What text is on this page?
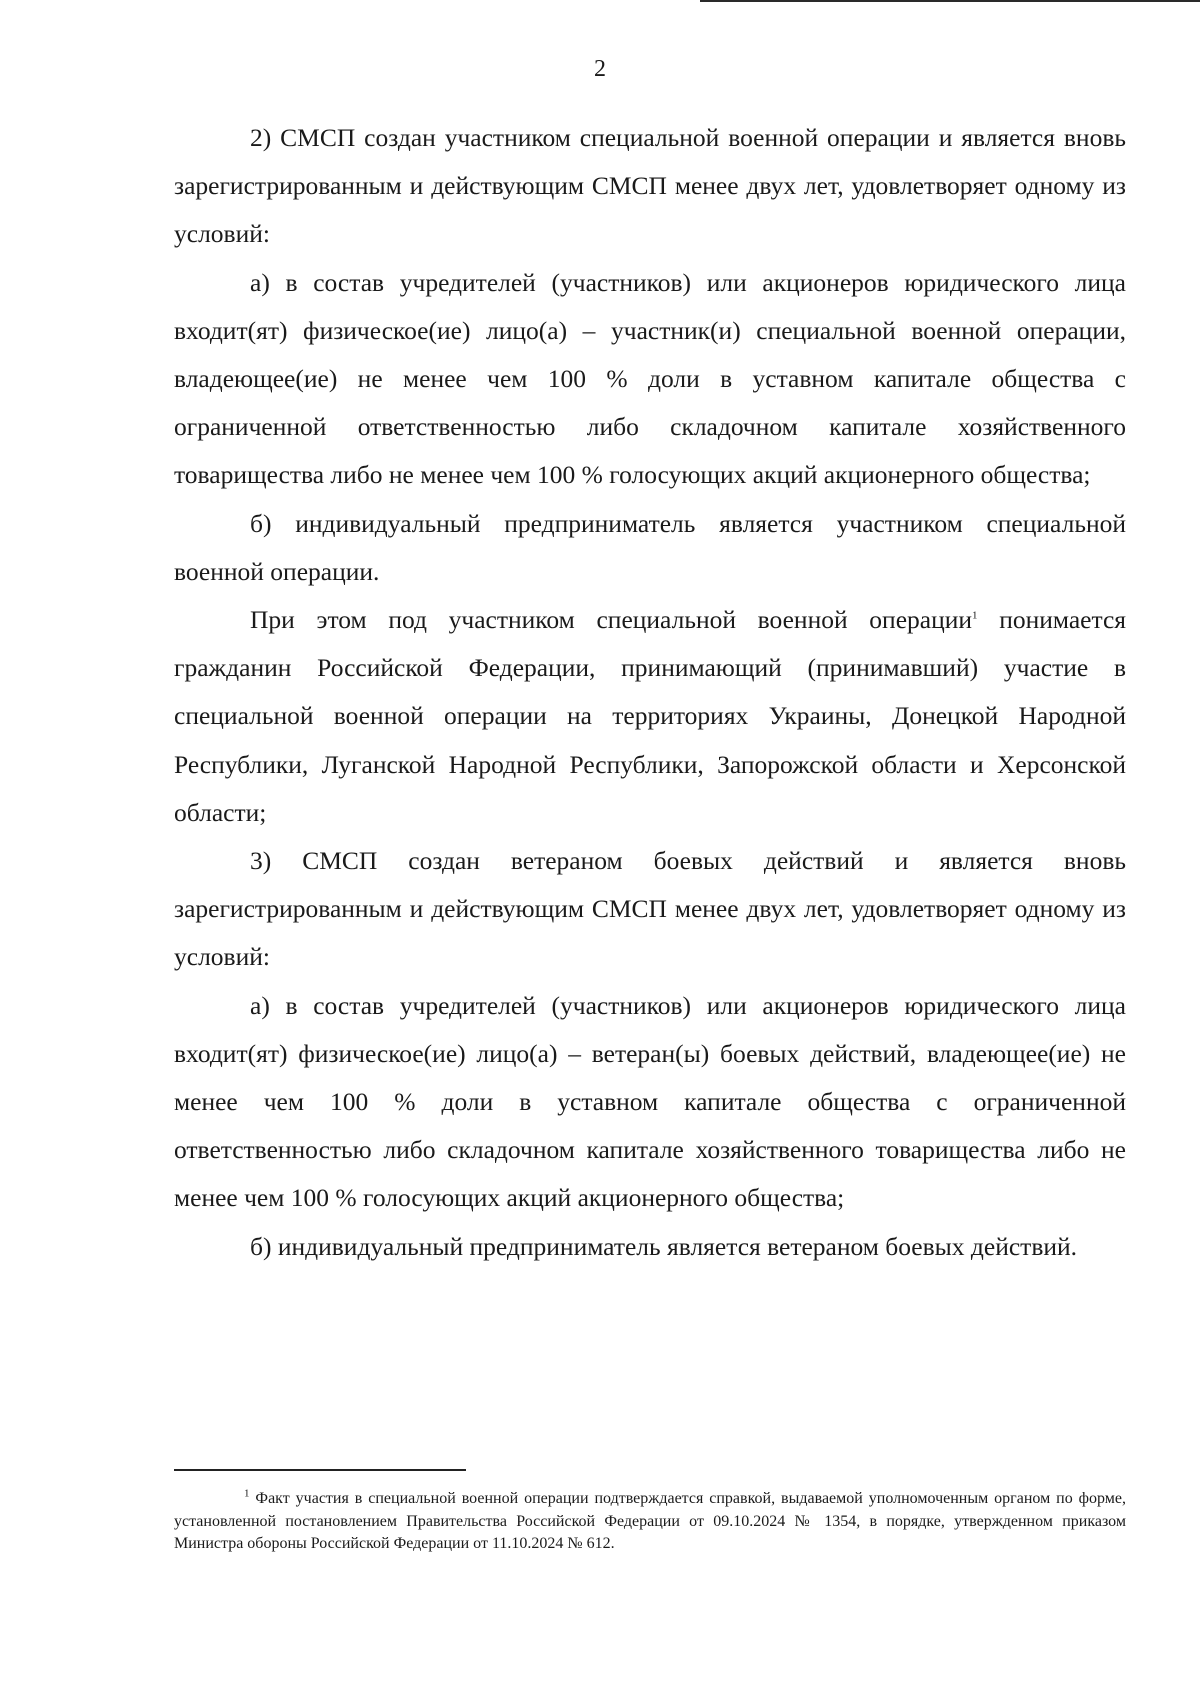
2

2) СМСП создан участником специальной военной операции и является вновь зарегистрированным и действующим СМСП менее двух лет, удовлетворяет одному из условий:

а) в состав учредителей (участников) или акционеров юридического лица входит(ят) физическое(ие) лицо(а) – участник(и) специальной военной операции, владеющее(ие) не менее чем 100 % доли в уставном капитале общества с ограниченной ответственностью либо складочном капитале хозяйственного товарищества либо не менее чем 100 % голосующих акций акционерного общества;

б) индивидуальный предприниматель является участником специальной военной операции.

При этом под участником специальной военной операции$^1$ понимается гражданин Российской Федерации, принимающий (принимавший) участие в специальной военной операции на территориях Украины, Донецкой Народной Республики, Луганской Народной Республики, Запорожской области и Херсонской области;

3) СМСП создан ветераном боевых действий и является вновь зарегистрированным и действующим СМСП менее двух лет, удовлетворяет одному из условий:

а) в состав учредителей (участников) или акционеров юридического лица входит(ят) физическое(ие) лицо(а) – ветеран(ы) боевых действий, владеющее(ие) не менее чем 100 % доли в уставном капитале общества с ограниченной ответственностью либо складочном капитале хозяйственного товарищества либо не менее чем 100 % голосующих акций акционерного общества;

б) индивидуальный предприниматель является ветераном боевых действий.

$^1$ Факт участия в специальной военной операции подтверждается справкой, выдаваемой уполномоченным органом по форме, установленной постановлением Правительства Российской Федерации от 09.10.2024 № 1354, в порядке, утвержденном приказом Министра обороны Российской Федерации от 11.10.2024 № 612.
